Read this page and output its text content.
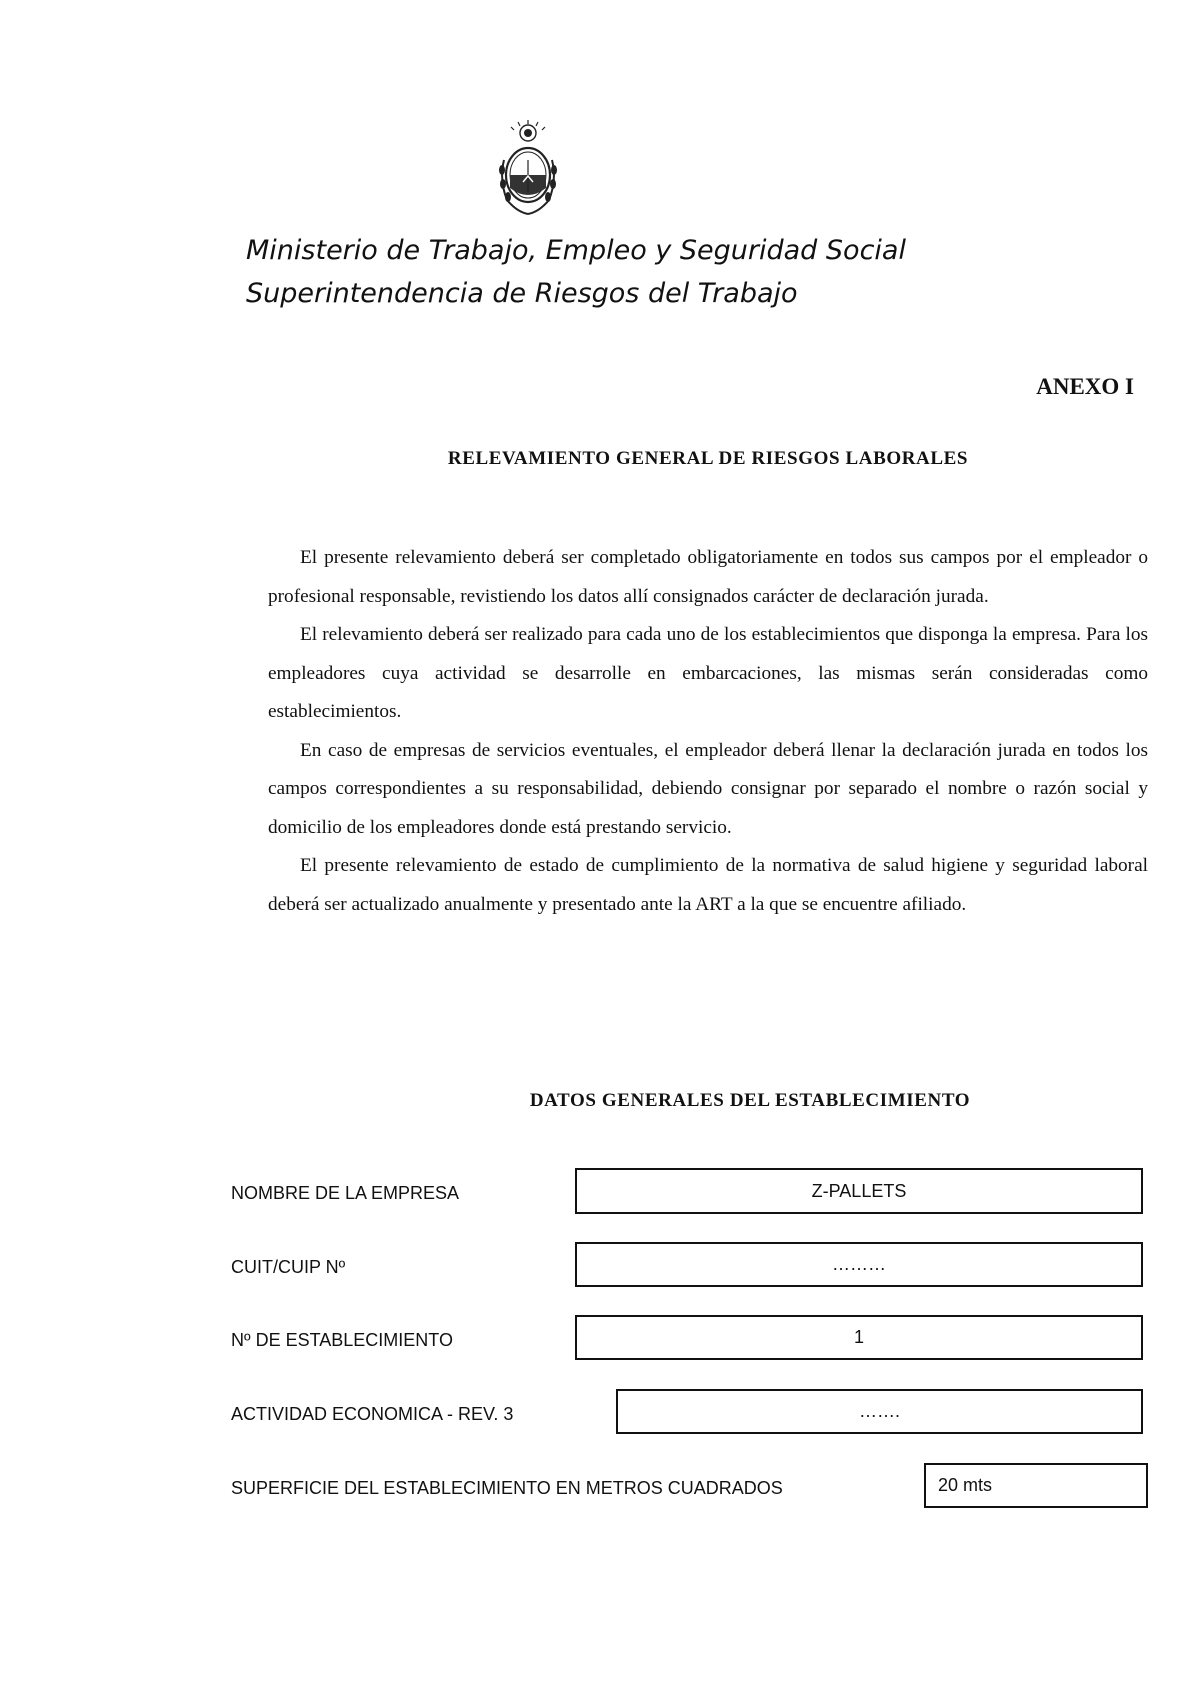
Ministerio de Trabajo, Empleo y Seguridad Social
Superintendencia de Riesgos del Trabajo
ANEXO I
RELEVAMIENTO GENERAL DE RIESGOS LABORALES

El presente relevamiento deberá ser completado obligatoriamente en todos sus campos por el empleador o profesional responsable, revistiendo los datos allí consignados carácter de declaración jurada.

El relevamiento deberá ser realizado para cada uno de los establecimientos que disponga la empresa. Para los empleadores cuya actividad se desarrolle en embarcaciones, las mismas serán consideradas como establecimientos.

En caso de empresas de servicios eventuales, el empleador deberá llenar la declaración jurada en todos los campos correspondientes a su responsabilidad, debiendo consignar por separado el nombre o razón social y domicilio de los empleadores donde está prestando servicio.

El presente relevamiento de estado de cumplimiento de la normativa de salud higiene y seguridad laboral deberá ser actualizado anualmente y presentado ante la ART a la que se encuentre afiliado.

DATOS GENERALES DEL ESTABLECIMIENTO
NOMBRE DE LA EMPRESA	Z-PALLETS
CUIT/CUIP Nº	………
Nº DE ESTABLECIMIENTO	1
ACTIVIDAD ECONOMICA - REV. 3	…….
SUPERFICIE DEL ESTABLECIMIENTO EN METROS CUADRADOS	20 mts
